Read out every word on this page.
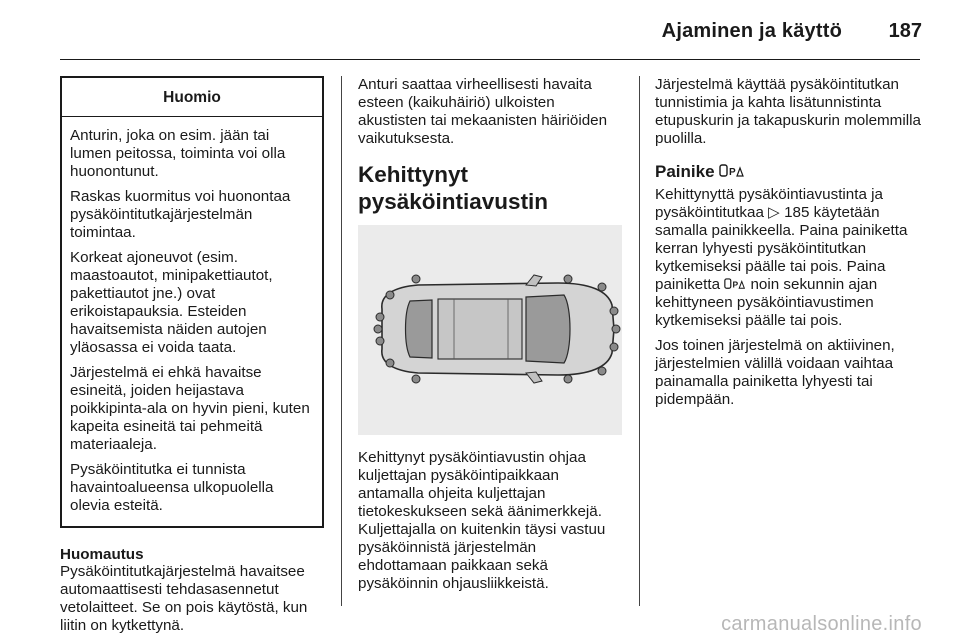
Ajaminen ja käyttö 187
Huomio

Anturin, joka on esim. jään tai lumen peitossa, toiminta voi olla huonontunut.

Raskas kuormitus voi huonontaa pysäköintitutkajärjestelmän toimintaa.

Korkeat ajoneuvot (esim. maastoautot, minipakettiautot, pakettiautot jne.) ovat erikoistapauksia. Esteiden havaitsemista näiden autojen yläosassa ei voida taata.

Järjestelmä ei ehkä havaitse esineitä, joiden heijastava poikkipinta-ala on hyvin pieni, kuten kapeita esineitä tai pehmeitä materiaaleja.

Pysäköintitutka ei tunnista havaintoalueensa ulkopuolella olevia esteitä.

Huomautus

Pysäköintitutkajärjestelmä havaitsee automaattisesti tehdasasennetut vetolaitteet. Se on pois käytöstä, kun liitin on kytkettynä.

Anturi saattaa virheellisesti havaita esteen (kaikuhäiriö) ulkoisten akustisten tai mekaanisten häiriöiden vaikutuksesta.

Kehittynyt pysäköintiavustin

Kehittynyt pysäköintiavustin ohjaa kuljettajan pysäköintipaikkaan antamalla ohjeita kuljettajan tietokeskukseen sekä äänimerkkejä. Kuljettajalla on kuitenkin täysi vastuu pysäköinnistä järjestelmän ehdottamaan paikkaan sekä pysäköinnin ohjausliikkeistä.

Järjestelmä käyttää pysäköintitutkan tunnistimia ja kahta lisätunnistinta etupuskurin ja takapuskurin molemmilla puolilla.

Painike P

Kehittynyttä pysäköintiavustinta ja pysäköintitutkaa ▷ 185 käytetään samalla painikkeella. Paina painiketta kerran lyhyesti pysäköintitutkan kytkemiseksi päälle tai pois. Paina painiketta P noin sekunnin ajan kehittyneen pysäköintiavustimen kytkemiseksi päälle tai pois.

Jos toinen järjestelmä on aktiivinen, järjestelmien välillä voidaan vaihtaa painamalla painiketta lyhyesti tai pidempään.

carmanualsonline.info
